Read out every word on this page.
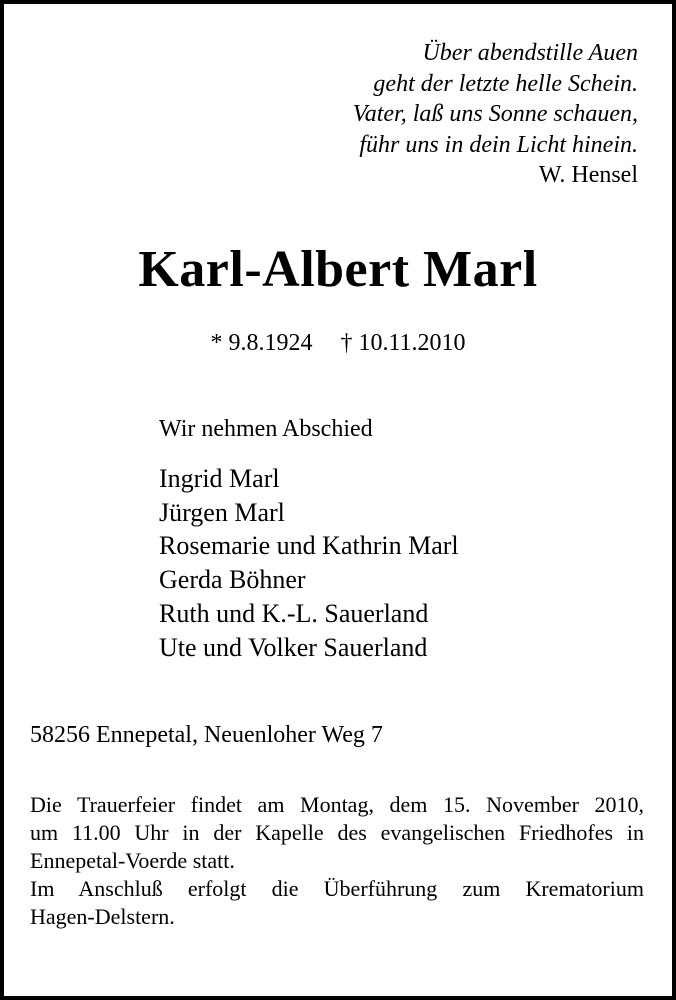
Über abendstille Auen
geht der letzte helle Schein.
Vater, laß uns Sonne schauen,
führ uns in dein Licht hinein.
W. Hensel
Karl-Albert Marl
* 9.8.1924 † 10.11.2010
Wir nehmen Abschied
Ingrid Marl
Jürgen Marl
Rosemarie und Kathrin Marl
Gerda Böhner
Ruth und K.-L. Sauerland
Ute und Volker Sauerland
58256 Ennepetal, Neuenloher Weg 7
Die Trauerfeier findet am Montag, dem 15. November 2010,
um 11.00 Uhr in der Kapelle des evangelischen Friedhofes in
Ennepetal-Voerde statt.
Im Anschluß erfolgt die Überführung zum Krematorium
Hagen-Delstern.
